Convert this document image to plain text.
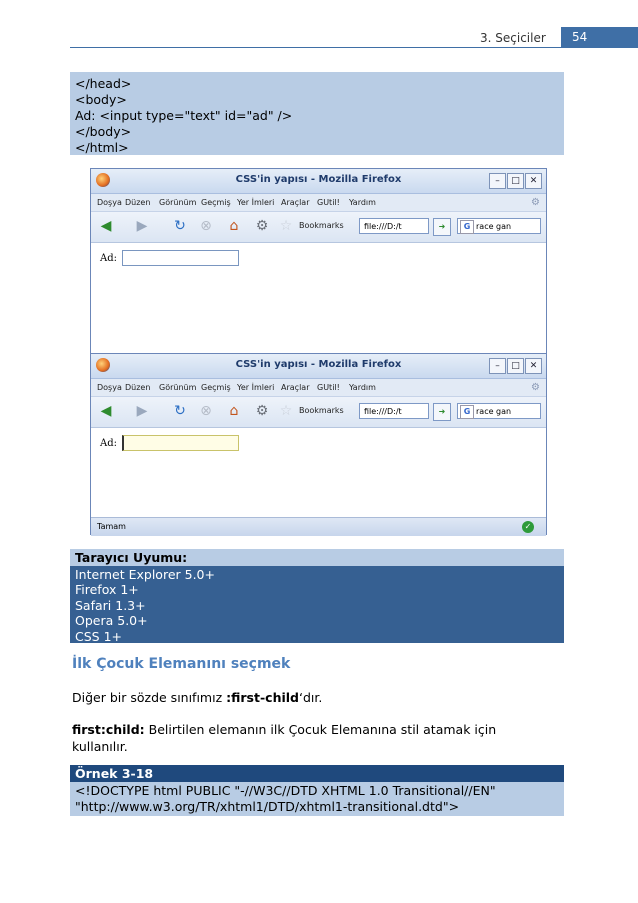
3. Seçiciler	54
</head>
<body>
Ad: <input type="text" id="ad" />
</body>
</html>
CSS'in yapısı - Mozilla Firefox	–	□	✕
Doşya Düzen Görünüm Geçmiş Yer İmleri Araçlar GUtil! Yardım	⚙
◀ ▶ ↻ ⊗	⌂	⚙ ☆ Bookmarks	file:///D:/t	➜	G race gan
Ad:
CSS'in yapısı - Mozilla Firefox	–	□	✕
Doşya Düzen Görünüm Geçmiş Yer İmleri Araçlar GUtil! Yardım	⚙
◀ ▶ ↻ ⊗	⌂	⚙ ☆ Bookmarks	file:///D:/t	➜	G race gan
Ad:
Tamam	✓
Tarayıcı Uyumu:
Internet Explorer 5.0+
Firefox 1+
Safari 1.3+
Opera 5.0+
CSS 1+
İlk Çocuk Elemanını seçmek
Diğer bir sözde sınıfımız :first-child‘dır.
first:child: Belirtilen elemanın ilk Çocuk Elemanına stil atamak için kullanılır.
Örnek 3-18
<!DOCTYPE html PUBLIC "-//W3C//DTD XHTML 1.0 Transitional//EN"
"http://www.w3.org/TR/xhtml1/DTD/xhtml1-transitional.dtd">
